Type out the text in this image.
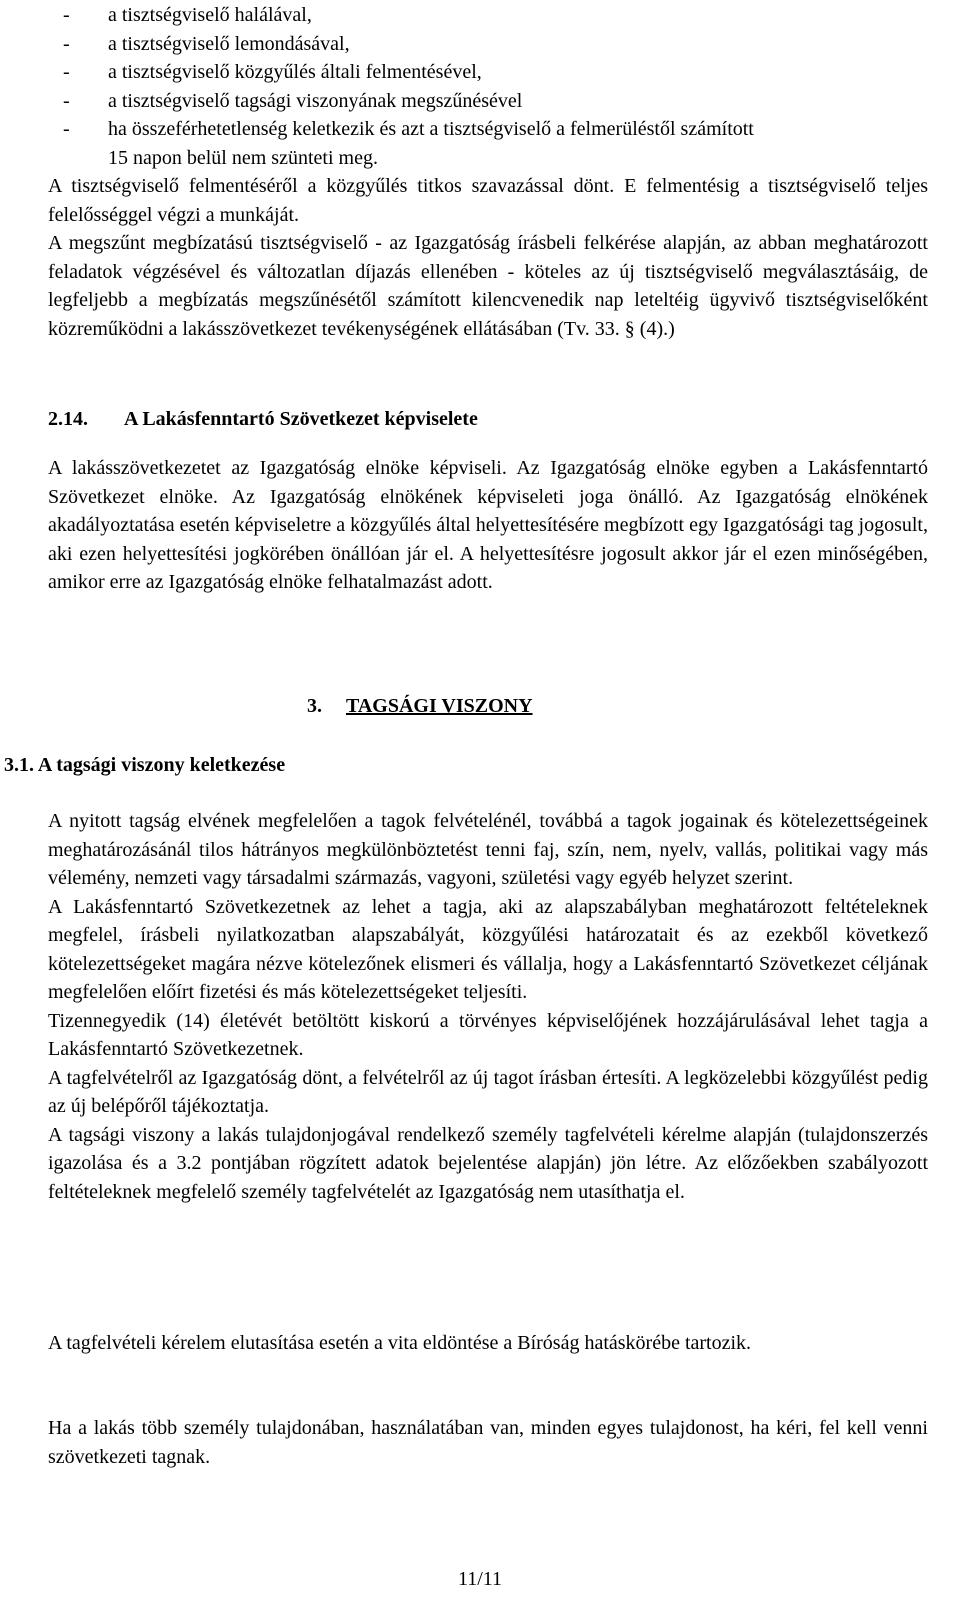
- a tisztségviselő halálával,
- a tisztségviselő lemondásával,
- a tisztségviselő közgyűlés általi felmentésével,
- a tisztségviselő tagsági viszonyának megszűnésével
- ha összeférhetetlenség keletkezik és azt a tisztségviselő a felmerüléstől számított
15 napon belül nem szünteti meg.

A tisztségviselő felmentéséről a közgyűlés titkos szavazással dönt. E felmentésig a tisztségviselő teljes felelősséggel végzi a munkáját.

A megszűnt megbízatású tisztségviselő - az Igazgatóság írásbeli felkérése alapján, az abban meghatározott feladatok végzésével és változatlan díjazás ellenében - köteles az új tisztségviselő megválasztásáig, de legfeljebb a megbízatás megszűnésétől számított kilencvenedik nap leteltéig ügyvivő tisztségviselőként közreműködni a lakásszövetkezet tevékenységének ellátásában (Tv. 33. § (4).)

2.14. A Lakásfenntartó Szövetkezet képviselete

A lakásszövetkezetet az Igazgatóság elnöke képviseli. Az Igazgatóság elnöke egyben a Lakásfenntartó Szövetkezet elnöke. Az Igazgatóság elnökének képviseleti joga önálló. Az Igazgatóság elnökének akadályoztatása esetén képviseletre a közgyűlés által helyettesítésére megbízott egy Igazgatósági tag jogosult, aki ezen helyettesítési jogkörében önállóan jár el. A helyettesítésre jogosult akkor jár el ezen minőségében, amikor erre az Igazgatóság elnöke felhatalmazást adott.

3. TAGSÁGI VISZONY
3.1. A tagsági viszony keletkezése

A nyitott tagság elvének megfelelően a tagok felvételénél, továbbá a tagok jogainak és kötelezettségeinek meghatározásánál tilos hátrányos megkülönböztetést tenni faj, szín, nem, nyelv, vallás, politikai vagy más vélemény, nemzeti vagy társadalmi származás, vagyoni, születési vagy egyéb helyzet szerint.

A Lakásfenntartó Szövetkezetnek az lehet a tagja, aki az alapszabályban meghatározott feltételeknek megfelel, írásbeli nyilatkozatban alapszabályát, közgyűlési határozatait és az ezekből következő kötelezettségeket magára nézve kötelezőnek elismeri és vállalja, hogy a Lakásfenntartó Szövetkezet céljának megfelelően előírt fizetési és más kötelezettségeket teljesíti.

Tizennegyedik (14) életévét betöltött kiskorú a törvényes képviselőjének hozzájárulásával lehet tagja a Lakásfenntartó Szövetkezetnek.

A tagfelvételről az Igazgatóság dönt, a felvételről az új tagot írásban értesíti. A legközelebbi közgyűlést pedig az új belépőről tájékoztatja.

A tagsági viszony a lakás tulajdonjogával rendelkező személy tagfelvételi kérelme alapján (tulajdonszerzés igazolása és a 3.2 pontjában rögzített adatok bejelentése alapján) jön létre. Az előzőekben szabályozott feltételeknek megfelelő személy tagfelvételét az Igazgatóság nem utasíthatja el.

A tagfelvételi kérelem elutasítása esetén a vita eldöntése a Bíróság hatáskörébe tartozik.

Ha a lakás több személy tulajdonában, használatában van, minden egyes tulajdonost, ha kéri, fel kell venni szövetkezeti tagnak.

11/11
